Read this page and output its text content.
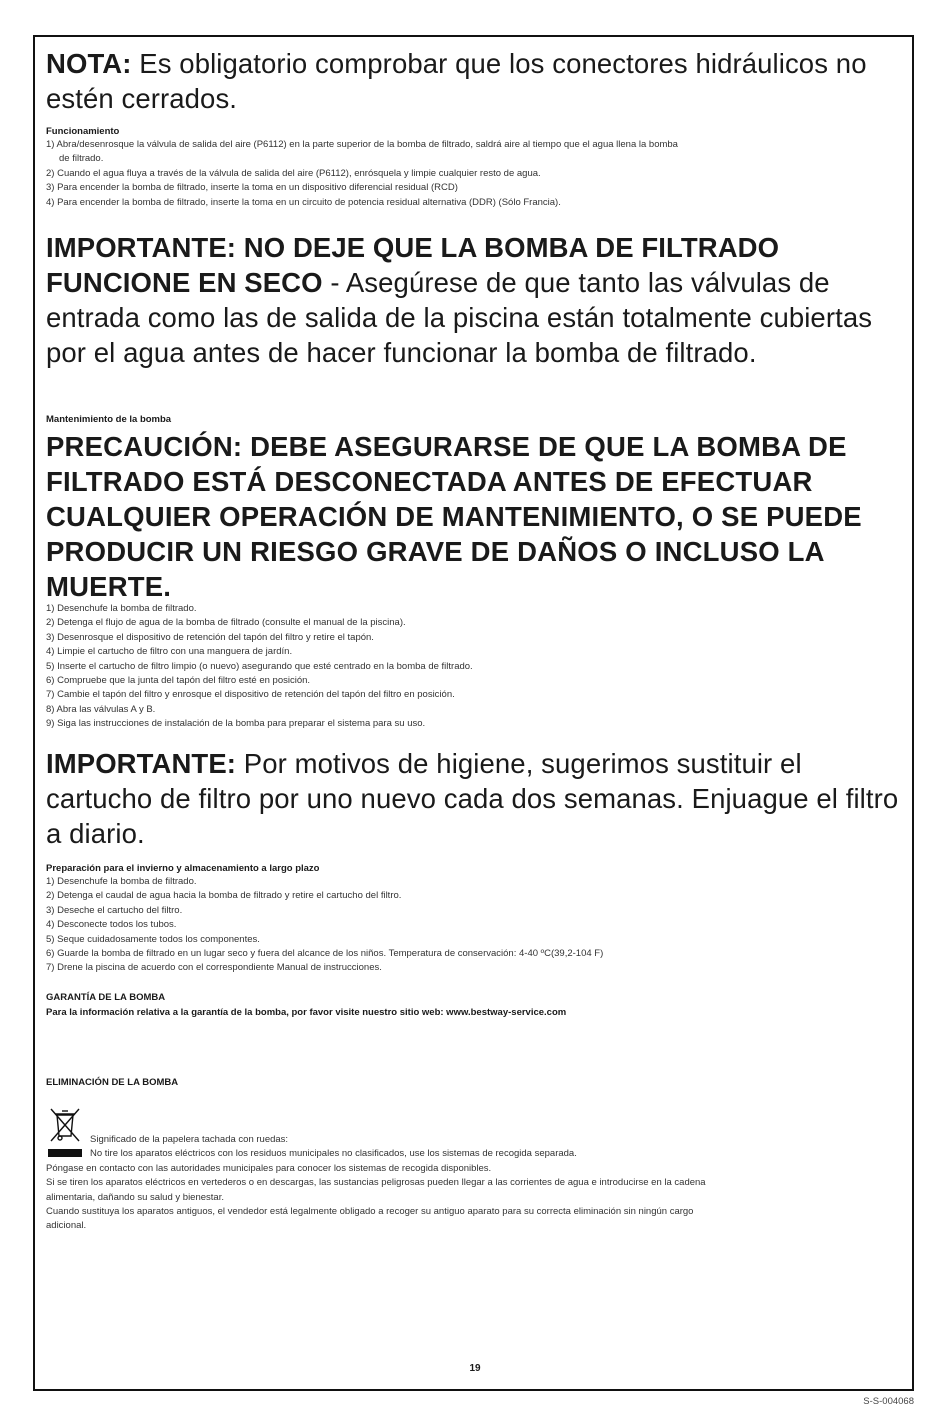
NOTA: Es obligatorio comprobar que los conectores hidráulicos no estén cerrados.

Funcionamiento

1) Abra/desenrosque la válvula de salida del aire (P6112) en la parte superior de la bomba de filtrado, saldrá aire al tiempo que el agua llena la bomba

de filtrado.

2) Cuando el agua fluya a través de la válvula de salida del aire (P6112), enrósquela y limpie cualquier resto de agua.

3) Para encender la bomba de filtrado, inserte la toma en un dispositivo diferencial residual (RCD)

4) Para encender la bomba de filtrado, inserte la toma en un circuito de potencia residual alternativa (DDR) (Sólo Francia).

IMPORTANTE: NO DEJE QUE LA BOMBA DE FILTRADO FUNCIONE EN SECO - Asegúrese de que tanto las válvulas de entrada como las de salida de la piscina están totalmente cubiertas por el agua antes de hacer funcionar la bomba de filtrado.

Mantenimiento de la bomba

PRECAUCIÓN: DEBE ASEGURARSE DE QUE LA BOMBA DE FILTRADO ESTÁ DESCONECTADA ANTES DE EFECTUAR CUALQUIER OPERACIÓN DE MANTENIMIENTO, O SE PUEDE PRODUCIR UN RIESGO GRAVE DE DAÑOS O INCLUSO LA MUERTE.

1) Desenchufe la bomba de filtrado.

2) Detenga el flujo de agua de la bomba de filtrado (consulte el manual de la piscina).

3) Desenrosque el dispositivo de retención del tapón del filtro y retire el tapón.

4) Limpie el cartucho de filtro con una manguera de jardín.

5) Inserte el cartucho de filtro limpio (o nuevo) asegurando que esté centrado en la bomba de filtrado.

6) Compruebe que la junta del tapón del filtro esté en posición.

7) Cambie el tapón del filtro y enrosque el dispositivo de retención del tapón del filtro en posición.

8) Abra las válvulas A y B.

9) Siga las instrucciones de instalación de la bomba para preparar el sistema para su uso.

IMPORTANTE: Por motivos de higiene, sugerimos sustituir el cartucho de filtro por uno nuevo cada dos semanas. Enjuague el filtro a diario.

Preparación para el invierno y almacenamiento a largo plazo

1) Desenchufe la bomba de filtrado.

2) Detenga el caudal de agua hacia la bomba de filtrado y retire el cartucho del filtro.

3) Deseche el cartucho del filtro.

4) Desconecte todos los tubos.

5) Seque cuidadosamente todos los componentes.

6) Guarde la bomba de filtrado en un lugar seco y fuera del alcance de los niños. Temperatura de conservación: 4-40 ºC(39,2-104 F)

7) Drene la piscina de acuerdo con el correspondiente Manual de instrucciones.

GARANTÍA DE LA BOMBA

Para la información relativa a la garantía de la bomba, por favor visite nuestro sitio web: www.bestway-service.com

ELIMINACIÓN DE LA BOMBA

Significado de la papelera tachada con ruedas:

No tire los aparatos eléctricos con los residuos municipales no clasificados, use los sistemas de recogida separada.

Póngase en contacto con las autoridades municipales para conocer los sistemas de recogida disponibles.

Si se tiren los aparatos eléctricos en vertederos o en descargas, las sustancias peligrosas pueden llegar a las corrientes de agua e introducirse en la cadena

alimentaria, dañando su salud y bienestar.

Cuando sustituya los aparatos antiguos, el vendedor está legalmente obligado a recoger su antiguo aparato para su correcta eliminación sin ningún cargo

adicional.

19
S-S-004068
